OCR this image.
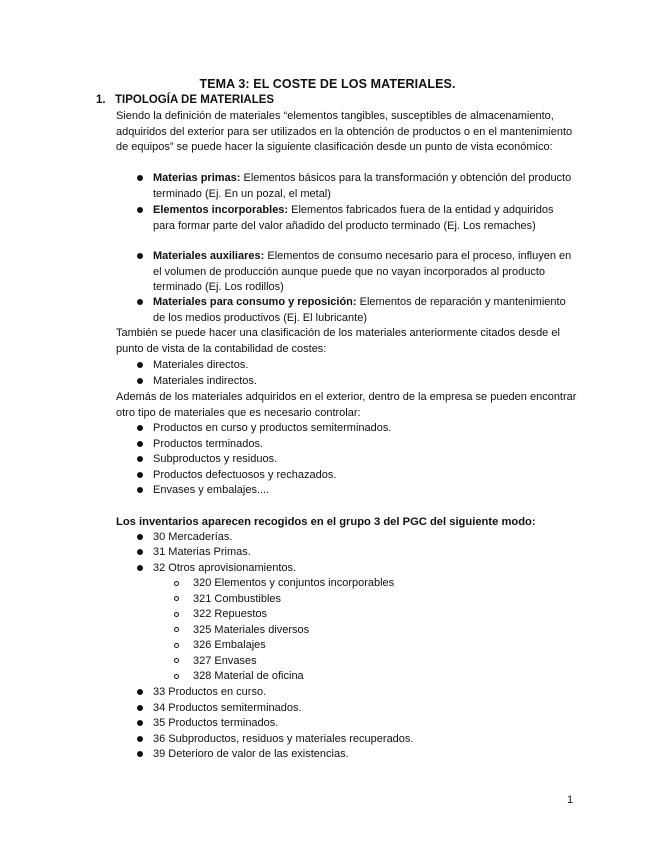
TEMA 3: EL COSTE DE LOS MATERIALES.
1. TIPOLOGÍA DE MATERIALES
Siendo la definición de materiales “elementos tangibles, susceptibles de almacenamiento, adquiridos del exterior para ser utilizados en la obtención de productos o en el mantenimiento de equipos” se puede hacer la siguiente clasificación desde un punto de vista económico:
Materias primas: Elementos básicos para la transformación y obtención del producto terminado (Ej. En un pozal, el metal)
Elementos incorporables: Elementos fabricados fuera de la entidad y adquiridos para formar parte del valor añadido del producto terminado (Ej. Los remaches)
Materiales auxiliares: Elementos de consumo necesario para el proceso, influyen en el volumen de producción aunque puede que no vayan incorporados al producto terminado (Ej. Los rodillos)
Materiales para consumo y reposición: Elementos de reparación y mantenimiento de los medios productivos (Ej. El lubricante)
También se puede hacer una clasificación de los materiales anteriormente citados desde el punto de vista de la contabilidad de costes:
Materiales directos.
Materiales indirectos.
Además de los materiales adquiridos en el exterior, dentro de la empresa se pueden encontrar otro tipo de materiales que es necesario controlar:
Productos en curso y productos semiterminados.
Productos terminados.
Subproductos y residuos.
Productos defectuosos y rechazados.
Envases y embalajes....
Los inventarios aparecen recogidos en el grupo 3 del PGC del siguiente modo:
30 Mercaderías.
31 Materias Primas.
32 Otros aprovisionamientos.
320 Elementos y conjuntos incorporables
321 Combustibles
322 Repuestos
325 Materiales diversos
326 Embalajes
327 Envases
328 Material de oficina
33 Productos en curso.
34 Productos semiterminados.
35 Productos terminados.
36 Subproductos, residuos y materiales recuperados.
39 Deterioro de valor de las existencias.
1
